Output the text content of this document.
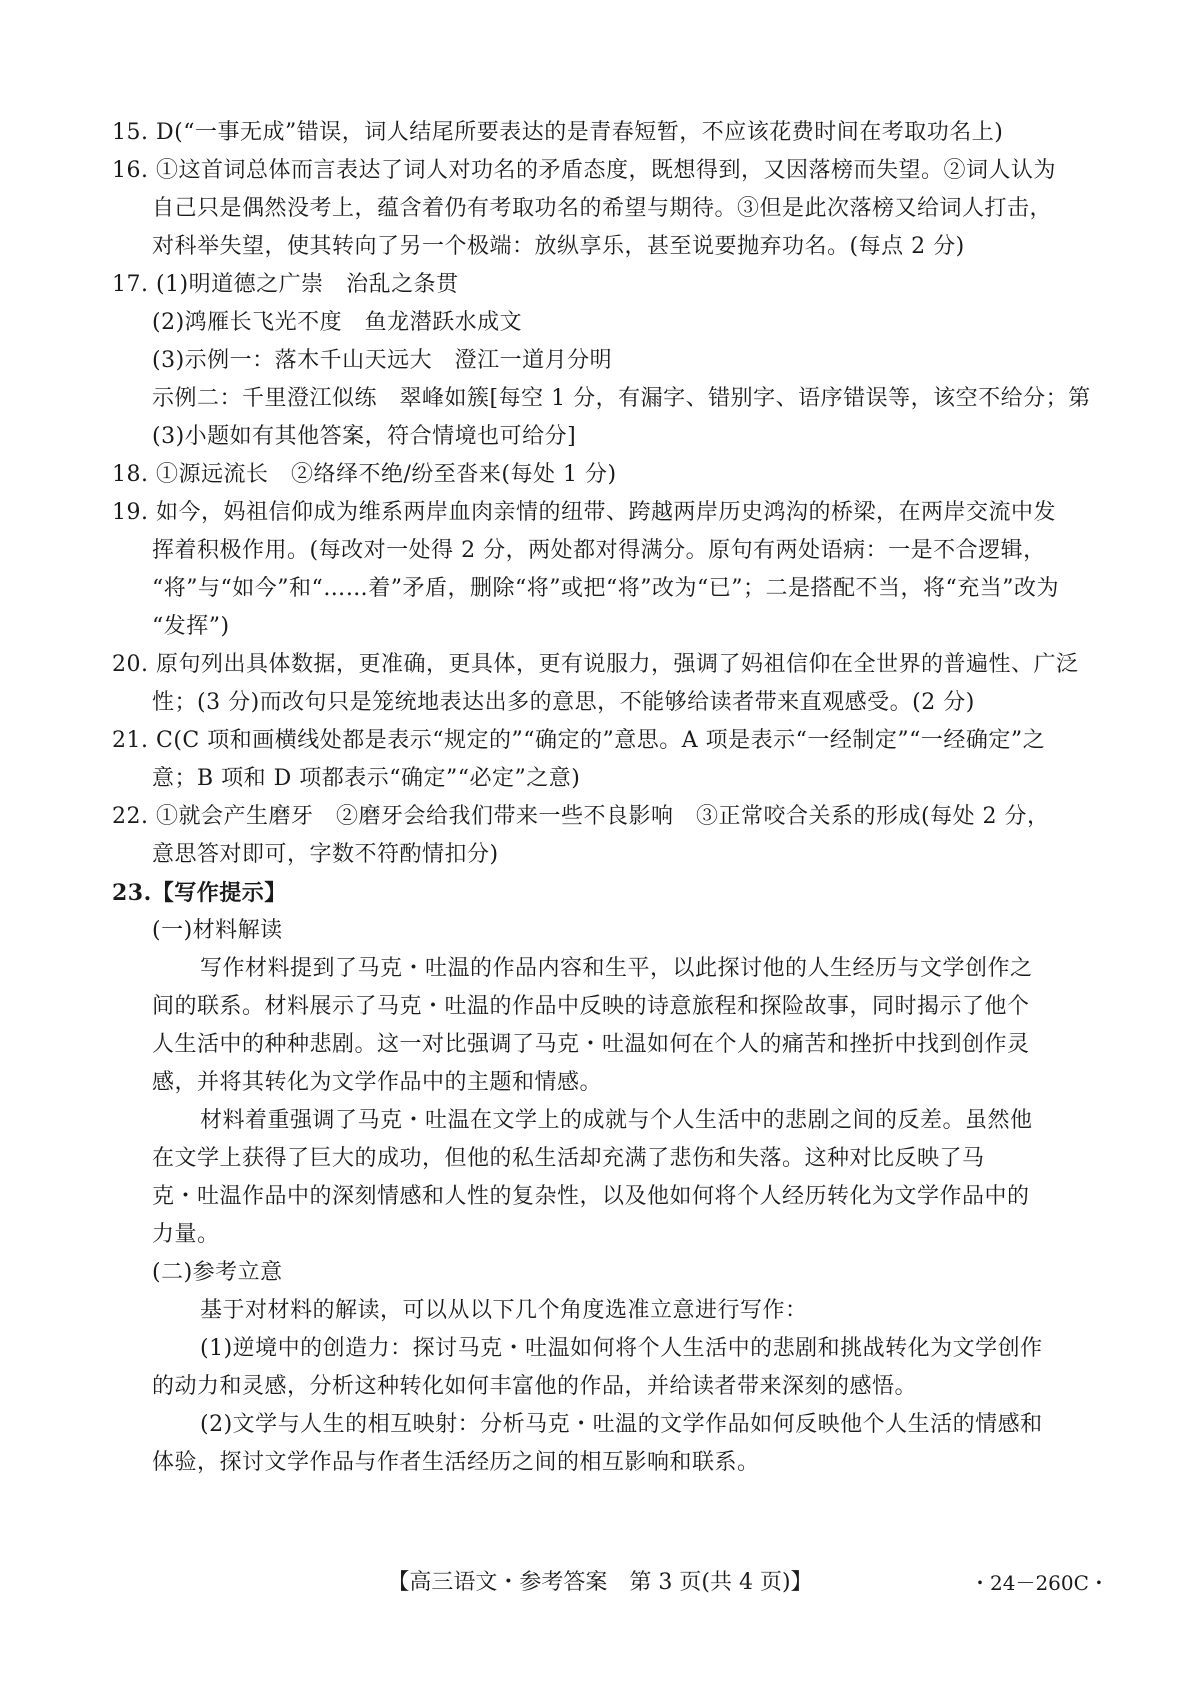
15. D(“一事无成”错误，词人结尾所要表达的是青春短暂，不应该花费时间在考取功名上)
16. ①这首词总体而言表达了词人对功名的矛盾态度，既想得到，又因落榜而失望。②词人认为
自己只是偶然没考上，蕴含着仍有考取功名的希望与期待。③但是此次落榜又给词人打击，
对科举失望，使其转向了另一个极端：放纵享乐，甚至说要抛弃功名。(每点 2 分)
17. (1)明道德之广崇　治乱之条贯
(2)鸿雁长飞光不度　鱼龙潜跃水成文
(3)示例一：落木千山天远大　澄江一道月分明
示例二：千里澄江似练　翠峰如簇[每空 1 分，有漏字、错别字、语序错误等，该空不给分；第
(3)小题如有其他答案，符合情境也可给分]
18. ①源远流长　②络绎不绝/纷至沓来(每处 1 分)
19. 如今，妈祖信仰成为维系两岸血肉亲情的纽带、跨越两岸历史鸿沟的桥梁，在两岸交流中发
挥着积极作用。(每改对一处得 2 分，两处都对得满分。原句有两处语病：一是不合逻辑，
“将”与“如今”和“……着”矛盾，删除“将”或把“将”改为“已”；二是搭配不当，将“充当”改为
“发挥”)
20. 原句列出具体数据，更准确，更具体，更有说服力，强调了妈祖信仰在全世界的普遍性、广泛
性；(3 分)而改句只是笼统地表达出多的意思，不能够给读者带来直观感受。(2 分)
21. C(C 项和画横线处都是表示“规定的”“确定的”意思。A 项是表示“一经制定”“一经确定”之
意；B 项和 D 项都表示“确定”“必定”之意)
22. ①就会产生磨牙　②磨牙会给我们带来一些不良影响　③正常咬合关系的形成(每处 2 分，
意思答对即可，字数不符酌情扣分)
23.【写作提示】
(一)材料解读
写作材料提到了马克・吐温的作品内容和生平，以此探讨他的人生经历与文学创作之
间的联系。材料展示了马克・吐温的作品中反映的诗意旅程和探险故事，同时揭示了他个
人生活中的种种悲剧。这一对比强调了马克・吐温如何在个人的痛苦和挫折中找到创作灵
感，并将其转化为文学作品中的主题和情感。
材料着重强调了马克・吐温在文学上的成就与个人生活中的悲剧之间的反差。虽然他
在文学上获得了巨大的成功，但他的私生活却充满了悲伤和失落。这种对比反映了马
克・吐温作品中的深刻情感和人性的复杂性，以及他如何将个人经历转化为文学作品中的
力量。
(二)参考立意
基于对材料的解读，可以从以下几个角度选准立意进行写作：
(1)逆境中的创造力：探讨马克・吐温如何将个人生活中的悲剧和挑战转化为文学创作
的动力和灵感，分析这种转化如何丰富他的作品，并给读者带来深刻的感悟。
(2)文学与人生的相互映射：分析马克・吐温的文学作品如何反映他个人生活的情感和
体验，探讨文学作品与作者生活经历之间的相互影响和联系。
【高三语文・参考答案　第 3 页(共 4 页)】	・24－260C・
